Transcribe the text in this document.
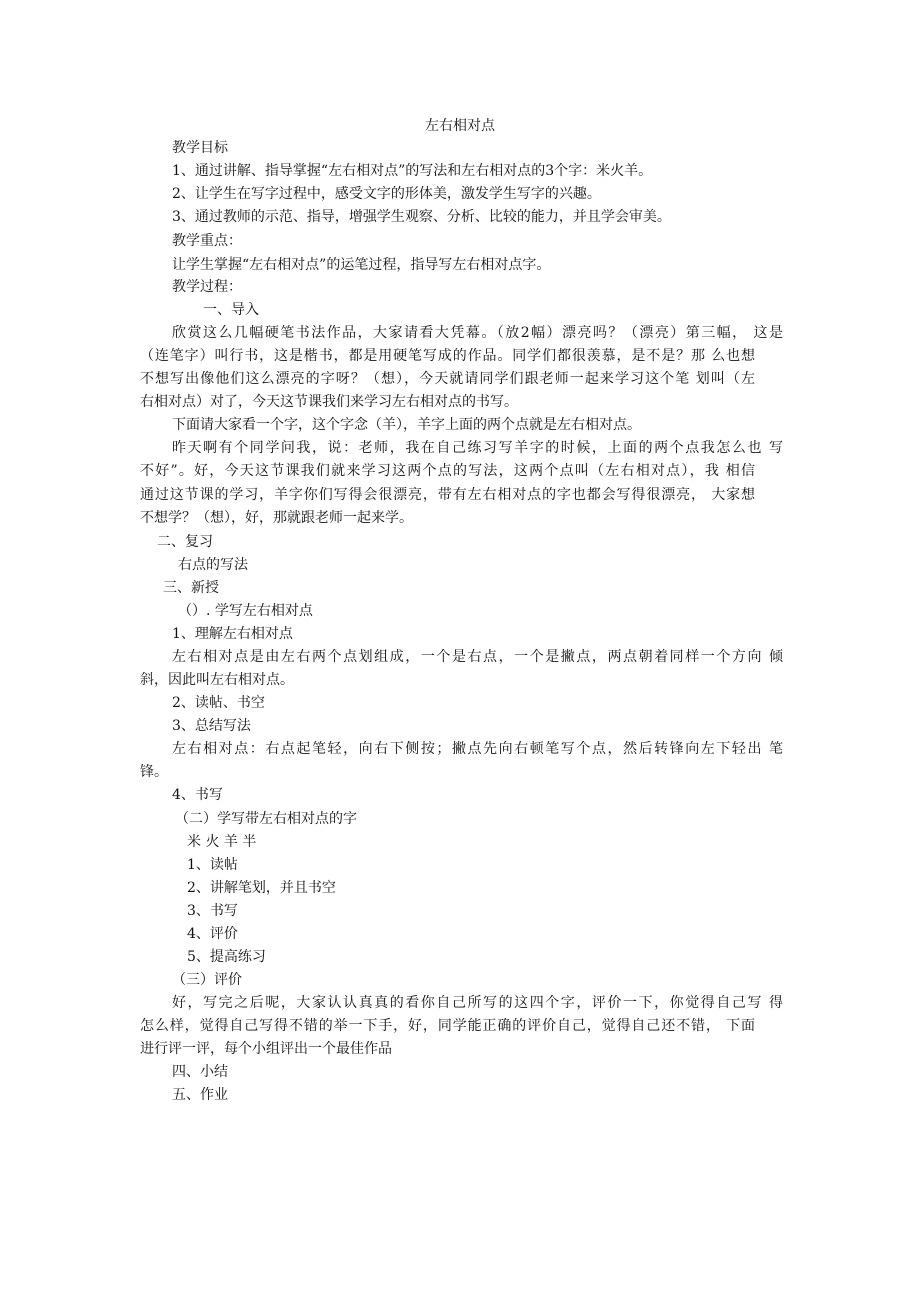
左右相对点

教学目标

1、通过讲解、指导掌握“左右相对点”的写法和左右相对点的3个字：米火羊。

2、让学生在写字过程中，感受文字的形体美，激发学生写字的兴趣。

3、通过教师的示范、指导，增强学生观察、分析、比较的能力，并且学会审美。

教学重点：

让学生掌握“左右相对点”的运笔过程，指导写左右相对点字。

教学过程：

一、导入

欣赏这么几幅硬笔书法作品，大家请看大凭幕。（放2幅）漂亮吗？（漂亮）第三幅， 这是

（连笔字）叫行书，这是楷书，都是用硬笔写成的作品。同学们都很羡慕，是不是？那 么也想

不想写出像他们这么漂亮的字呀？（想），今天就请同学们跟老师一起来学习这个笔 划叫（左

右相对点）对了，今天这节课我们来学习左右相对点的书写。

下面请大家看一个字，这个字念（羊），羊字上面的两个点就是左右相对点。

昨天啊有个同学问我，说：老师，我在自己练习写羊字的时候，上面的两个点我怎么也 写

不好”。好，今天这节课我们就来学习这两个点的写法，这两个点叫（左右相对点），我 相信

通过这节课的学习，羊字你们写得会很漂亮，带有左右相对点的字也都会写得很漂亮， 大家想

不想学？（想），好，那就跟老师一起来学。

二、复习

右点的写法

三、新授

（）. 学写左右相对点

1、理解左右相对点

左右相对点是由左右两个点划组成，一个是右点，一个是撇点，两点朝着同样一个方向 倾

斜，因此叫左右相对点。

2、读帖、书空

3、总结写法

左右相对点：右点起笔轻，向右下侧按；撇点先向右顿笔写个点，然后转锋向左下轻出 笔

锋。

4、书写

（二）学写带左右相对点的字

米 火 羊 半

1、读帖

2、讲解笔划，并且书空

3、书写

4、评价

5、提高练习

（三）评价

好，写完之后呢，大家认认真真的看你自己所写的这四个字，评价一下，你觉得自己写 得

怎么样，觉得自己写得不错的举一下手，好，同学能正确的评价自己，觉得自己还不错， 下面

进行评一评，每个小组评出一个最佳作品

四、小结

五、作业
